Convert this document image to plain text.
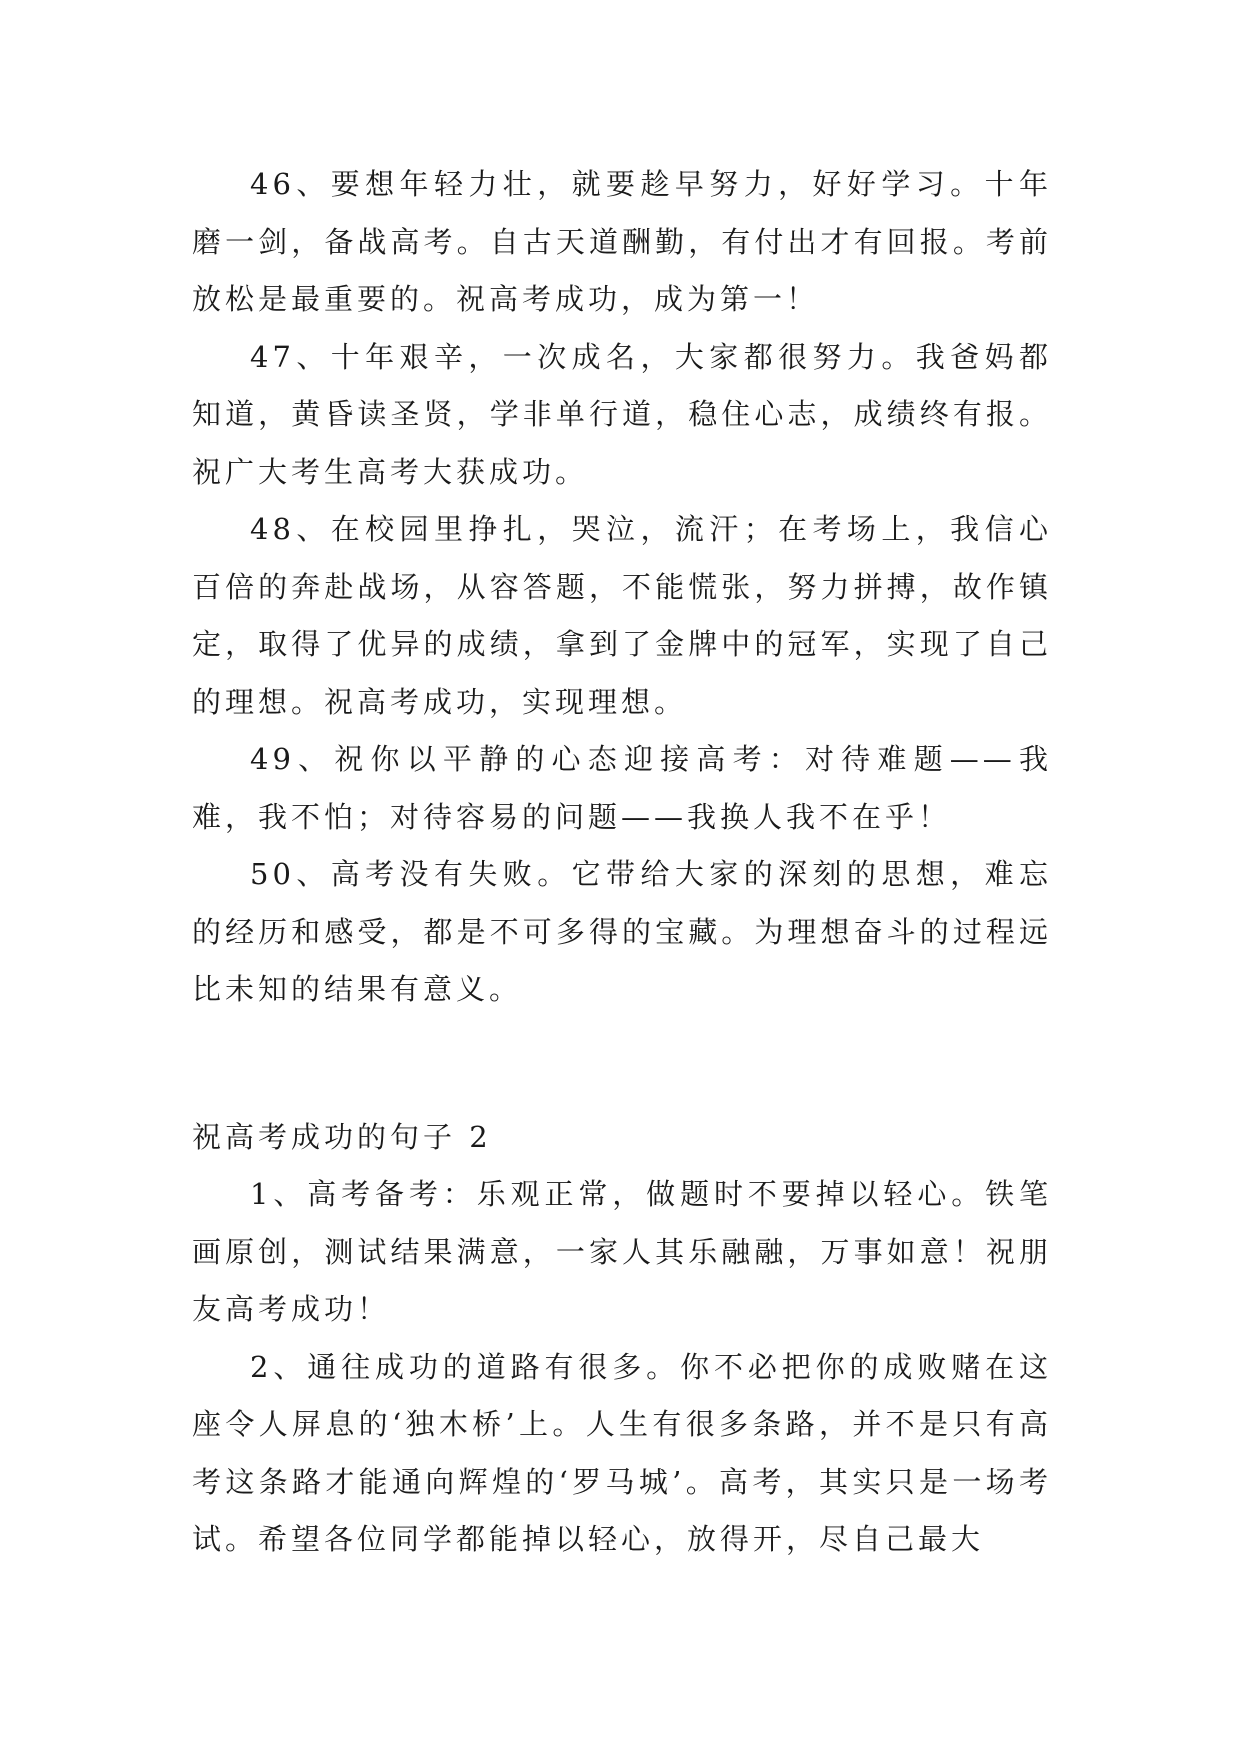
46、要想年轻力壮，就要趁早努力，好好学习。十年磨一剑，备战高考。自古天道酬勤，有付出才有回报。考前放松是最重要的。祝高考成功，成为第一！

47、十年艰辛，一次成名，大家都很努力。我爸妈都知道，黄昏读圣贤，学非单行道，稳住心志，成绩终有报。祝广大考生高考大获成功。

48、在校园里挣扎，哭泣，流汗；在考场上，我信心百倍的奔赴战场，从容答题，不能慌张，努力拼搏，故作镇定，取得了优异的成绩，拿到了金牌中的冠军，实现了自己的理想。祝高考成功，实现理想。

49、祝你以平静的心态迎接高考：对待难题——我难，我不怕；对待容易的问题——我换人我不在乎！

50、高考没有失败。它带给大家的深刻的思想，难忘的经历和感受，都是不可多得的宝藏。为理想奋斗的过程远比未知的结果有意义。

祝高考成功的句子 2

1、高考备考：乐观正常，做题时不要掉以轻心。铁笔画原创，测试结果满意，一家人其乐融融，万事如意！祝朋友高考成功！

2、通往成功的道路有很多。你不必把你的成败赌在这座令人屏息的‘独木桥’上。人生有很多条路，并不是只有高考这条路才能通向辉煌的‘罗马城’。高考，其实只是一场考试。希望各位同学都能掉以轻心，放得开，尽自己最大
